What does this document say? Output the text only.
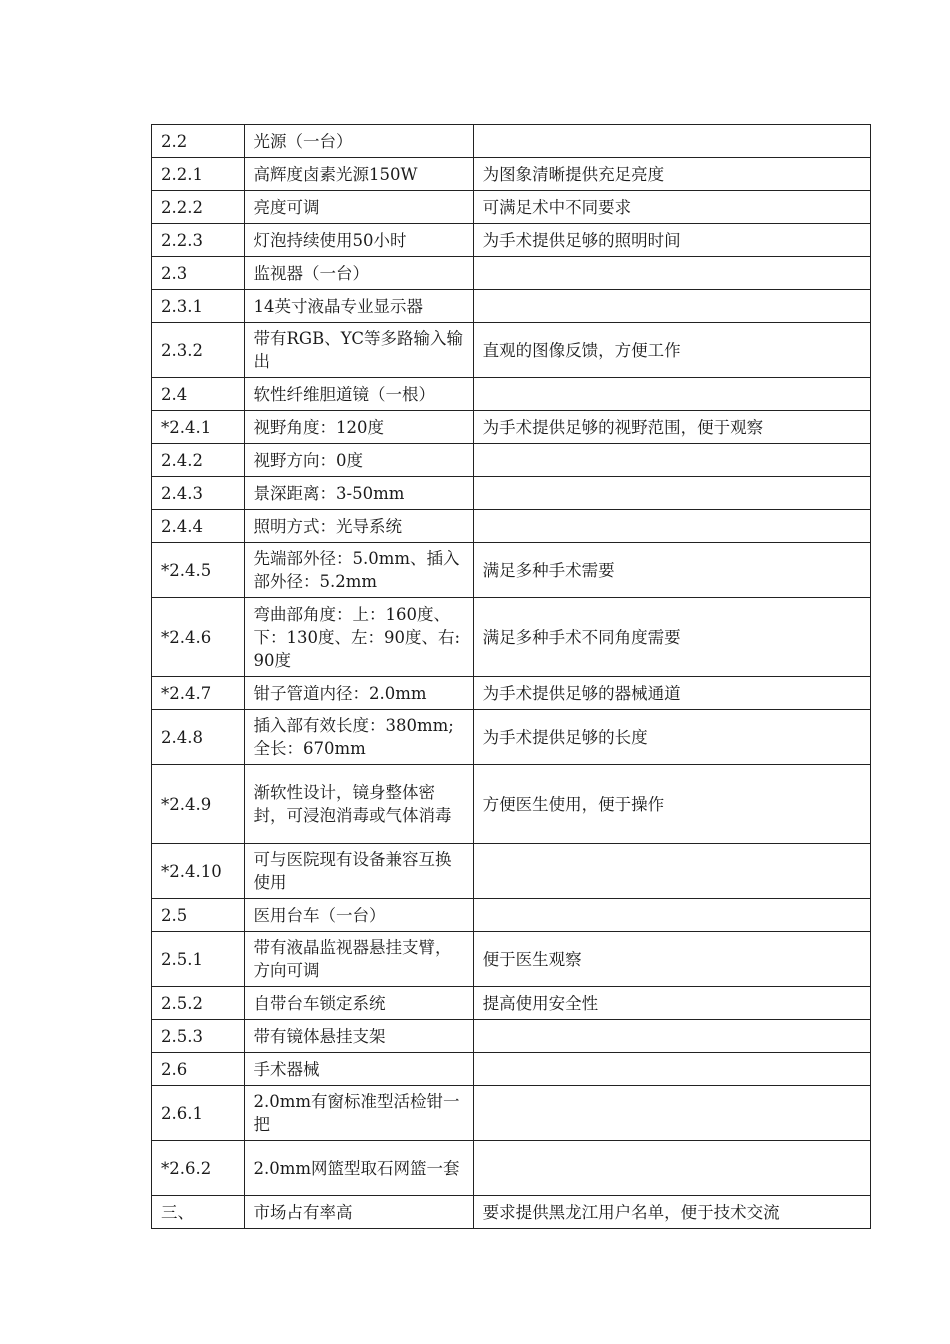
2.2	光源（一台）	
2.2.1	高辉度卤素光源150W	为图象清晰提供充足亮度
2.2.2	亮度可调	可满足术中不同要求
2.2.3	灯泡持续使用50小时	为手术提供足够的照明时间
2.3	监视器（一台）	
2.3.1	14英寸液晶专业显示器	
2.3.2	带有RGB、YC等多路输入输出	直观的图像反馈，方便工作
2.4	软性纤维胆道镜（一根）	
*2.4.1	视野角度：120度	为手术提供足够的视野范围，便于观察
2.4.2	视野方向：0度	
2.4.3	景深距离：3-50mm	
2.4.4	照明方式：光导系统	
*2.4.5	先端部外径：5.0mm、插入部外径：5.2mm	满足多种手术需要
*2.4.6	弯曲部角度：上：160度、下：130度、左：90度、右:90度	满足多种手术不同角度需要
*2.4.7	钳子管道内径：2.0mm	为手术提供足够的器械通道
2.4.8	插入部有效长度：380mm;全长：670mm	为手术提供足够的长度
*2.4.9	渐软性设计，镜身整体密封，可浸泡消毒或气体消毒	方便医生使用，便于操作
*2.4.10	可与医院现有设备兼容互换使用	
2.5	医用台车（一台）	
2.5.1	带有液晶监视器悬挂支臂，方向可调	便于医生观察
2.5.2	自带台车锁定系统	提高使用安全性
2.5.3	带有镜体悬挂支架	
2.6	手术器械	
2.6.1	2.0mm有窗标准型活检钳一把	
*2.6.2	2.0mm网篮型取石网篮一套	
三、	市场占有率高	要求提供黑龙江用户名单，便于技术交流
